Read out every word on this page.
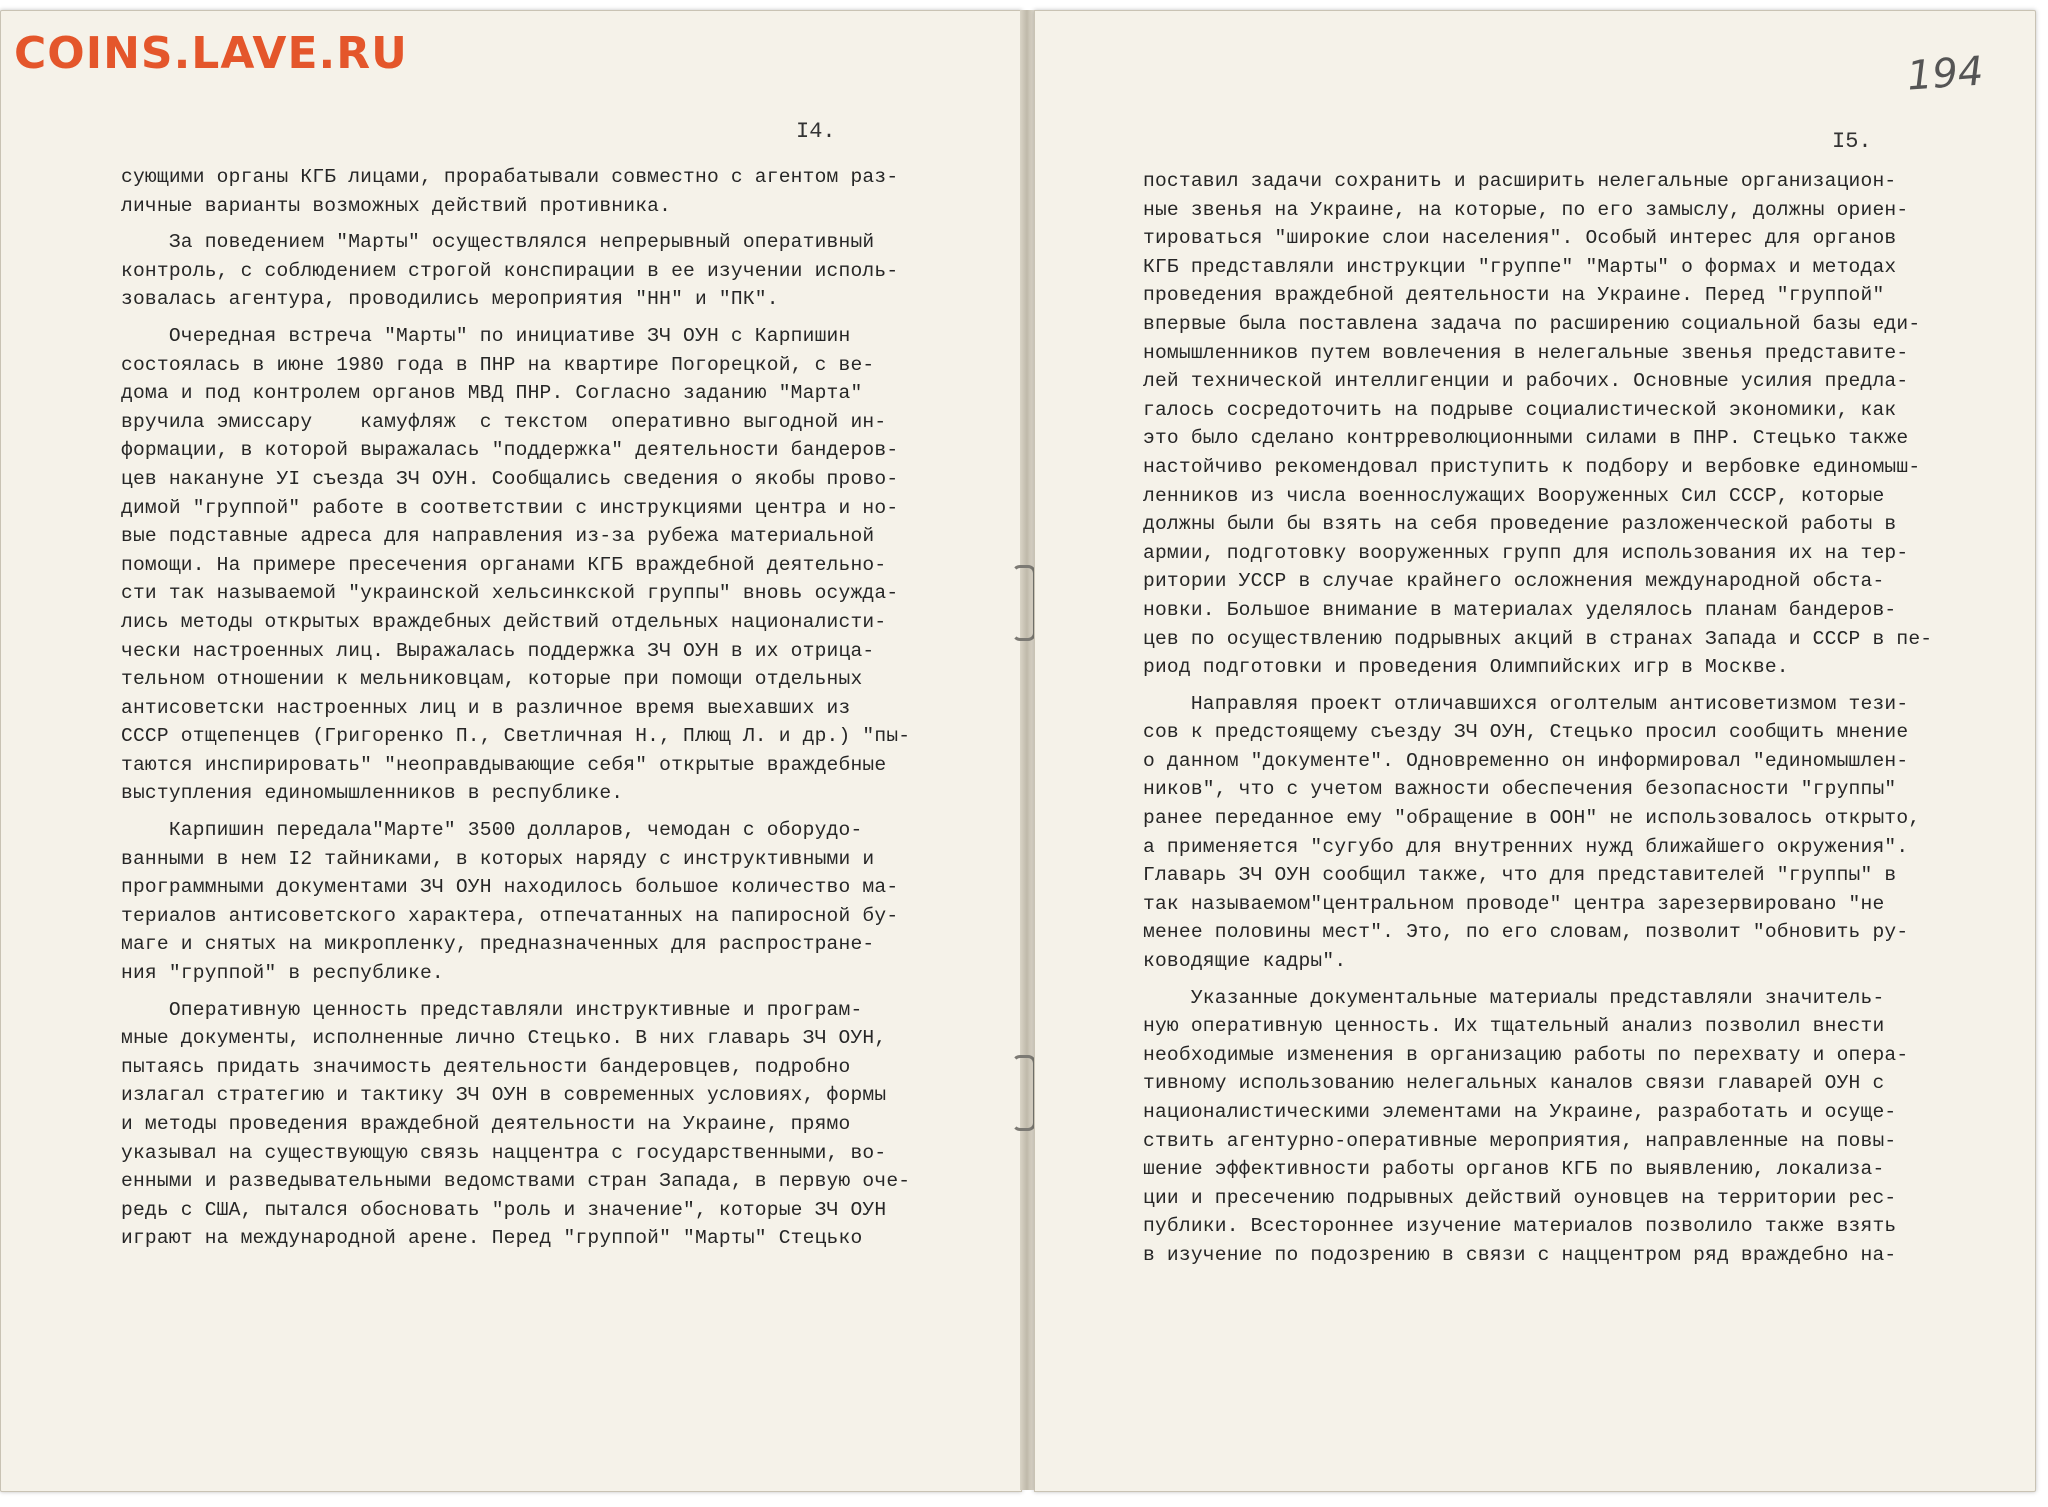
I4.
сующими органы КГБ лицами, прорабатывали совместно с агентом раз-
личные варианты возможных действий противника.
За поведением "Марты" осуществлялся непрерывный оперативный
контроль, с соблюдением строгой конспирации в ее изучении исполь-
зовалась агентура, проводились мероприятия "НН" и "ПК".
Очередная встреча "Марты" по инициативе ЗЧ ОУН с Карпишин
состоялась в июне 1980 года в ПНР на квартире Погорецкой, с ве-
дома и под контролем органов МВД ПНР. Согласно заданию "Марта"
вручила эмиссару    камуфляж  с текстом  оперативно выгодной ин-
формации, в которой выражалась "поддержка" деятельности бандеров-
цев накануне УI съезда ЗЧ ОУН. Сообщались сведения о якобы прово-
димой "группой" работе в соответствии с инструкциями центра и но-
вые подставные адреса для направления из-за рубежа материальной
помощи. На примере пресечения органами КГБ враждебной деятельно-
сти так называемой "украинской хельсинкской группы" вновь осужда-
лись методы открытых враждебных действий отдельных националисти-
чески настроенных лиц. Выражалась поддержка ЗЧ ОУН в их отрица-
тельном отношении к мельниковцам, которые при помощи отдельных
антисоветски настроенных лиц и в различное время выехавших из
СССР отщепенцев (Григоренко П., Светличная Н., Плющ Л. и др.) "пы-
таются инспирировать" "неоправдывающие себя" открытые враждебные
выступления единомышленников в республике.
Карпишин передала"Марте" 3500 долларов, чемодан с оборудо-
ванными в нем I2 тайниками, в которых наряду с инструктивными и
программными документами ЗЧ ОУН находилось большое количество ма-
териалов антисоветского характера, отпечатанных на папиросной бу-
маге и снятых на микропленку, предназначенных для распростране-
ния "группой" в республике.
Оперативную ценность представляли инструктивные и програм-
мные документы, исполненные лично Стецько. В них главарь ЗЧ ОУН,
пытаясь придать значимость деятельности бандеровцев, подробно
излагал стратегию и тактику ЗЧ ОУН в современных условиях, формы
и методы проведения враждебной деятельности на Украине, прямо
указывал на существующую связь наццентра с государственными, во-
енными и разведывательными ведомствами стран Запада, в первую оче-
редь с США, пытался обосновать "роль и значение", которые ЗЧ ОУН
играют на международной арене. Перед "группой" "Марты" Стецько
194
I5.
поставил задачи сохранить и расширить нелегальные организацион-
ные звенья на Украине, на которые, по его замыслу, должны ориен-
тироваться "широкие слои населения". Особый интерес для органов
КГБ представляли инструкции "группе" "Марты" о формах и методах
проведения враждебной деятельности на Украине. Перед "группой"
впервые была поставлена задача по расширению социальной базы еди-
номышленников путем вовлечения в нелегальные звенья представите-
лей технической интеллигенции и рабочих. Основные усилия предла-
галось сосредоточить на подрыве социалистической экономики, как
это было сделано контрреволюционными силами в ПНР. Стецько также
настойчиво рекомендовал приступить к подбору и вербовке единомыш-
ленников из числа военнослужащих Вооруженных Сил СССР, которые
должны были бы взять на себя проведение разложенческой работы в
армии, подготовку вооруженных групп для использования их на тер-
ритории УССР в случае крайнего осложнения международной обста-
новки. Большое внимание в материалах уделялось планам бандеров-
цев по осуществлению подрывных акций в странах Запада и СССР в пе-
риод подготовки и проведения Олимпийских игр в Москве.
Направляя проект отличавшихся оголтелым антисоветизмом тези-
сов к предстоящему съезду ЗЧ ОУН, Стецько просил сообщить мнение
о данном "документе". Одновременно он информировал "единомышлен-
ников", что с учетом важности обеспечения безопасности "группы"
ранее переданное ему "обращение в ООН" не использовалось открыто,
а применяется "сугубо для внутренних нужд ближайшего окружения".
Главарь ЗЧ ОУН сообщил также, что для представителей "группы" в
так называемом"центральном проводе" центра зарезервировано "не
менее половины мест". Это, по его словам, позволит "обновить ру-
ководящие кадры".
Указанные документальные материалы представляли значитель-
ную оперативную ценность. Их тщательный анализ позволил внести
необходимые изменения в организацию работы по перехвату и опера-
тивному использованию нелегальных каналов связи главарей ОУН с
националистическими элементами на Украине, разработать и осуще-
ствить агентурно-оперативные мероприятия, направленные на повы-
шение эффективности работы органов КГБ по выявлению, локализа-
ции и пресечению подрывных действий оуновцев на территории рес-
публики. Всестороннее изучение материалов позволило также взять
в изучение по подозрению в связи с наццентром ряд враждебно на-
COINS.LAVE.RU
